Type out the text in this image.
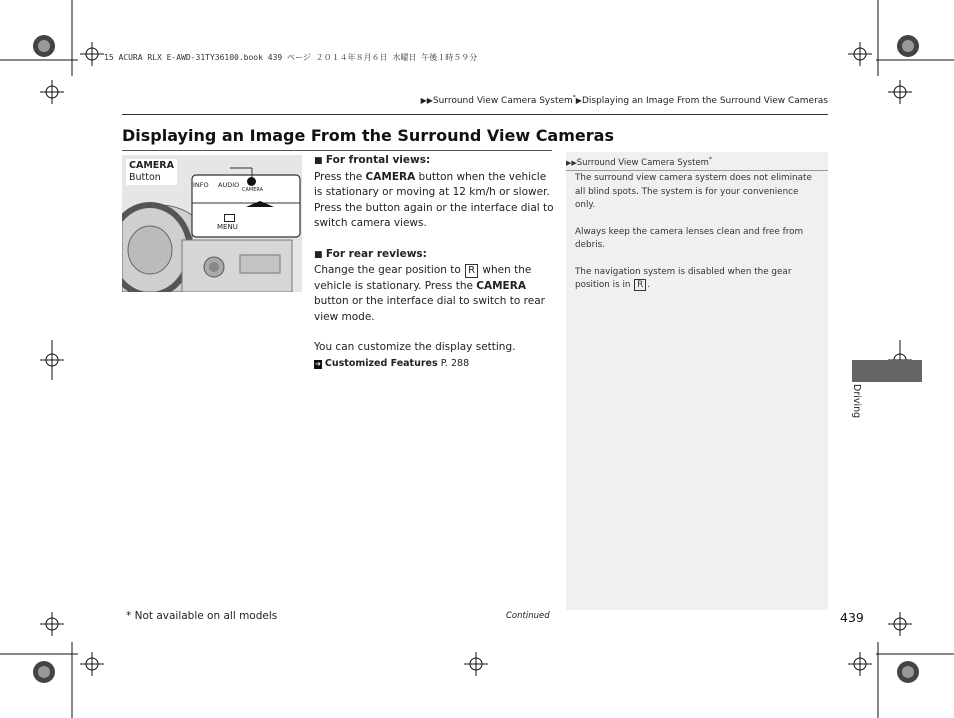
15 ACURA RLX E-AWD-31TY36100.book 439 ページ ２０１４年８月６日 水曜日 午後１時５９分
▶▶Surround View Camera System*▶Displaying an Image From the Surround View Cameras
Displaying an Image From the Surround View Cameras
INFO AUDIO
CAMERA
MENU
CAMERA
Button

■ For frontal views:

Press the CAMERA button when the vehicle is stationary or moving at 12 km/h or slower. Press the button again or the interface dial to switch camera views.

■ For rear reviews:

Change the gear position to R when the vehicle is stationary. Press the CAMERA button or the interface dial to switch to rear view mode.

You can customize the display setting.

➔ Customized Features P. 288

▶▶Surround View Camera System*

The surround view camera system does not eliminate all blind spots. The system is for your convenience only.

Always keep the camera lenses clean and free from debris.

The navigation system is disabled when the gear position is in R .

Driving
* Not available on all models	Continued	439
